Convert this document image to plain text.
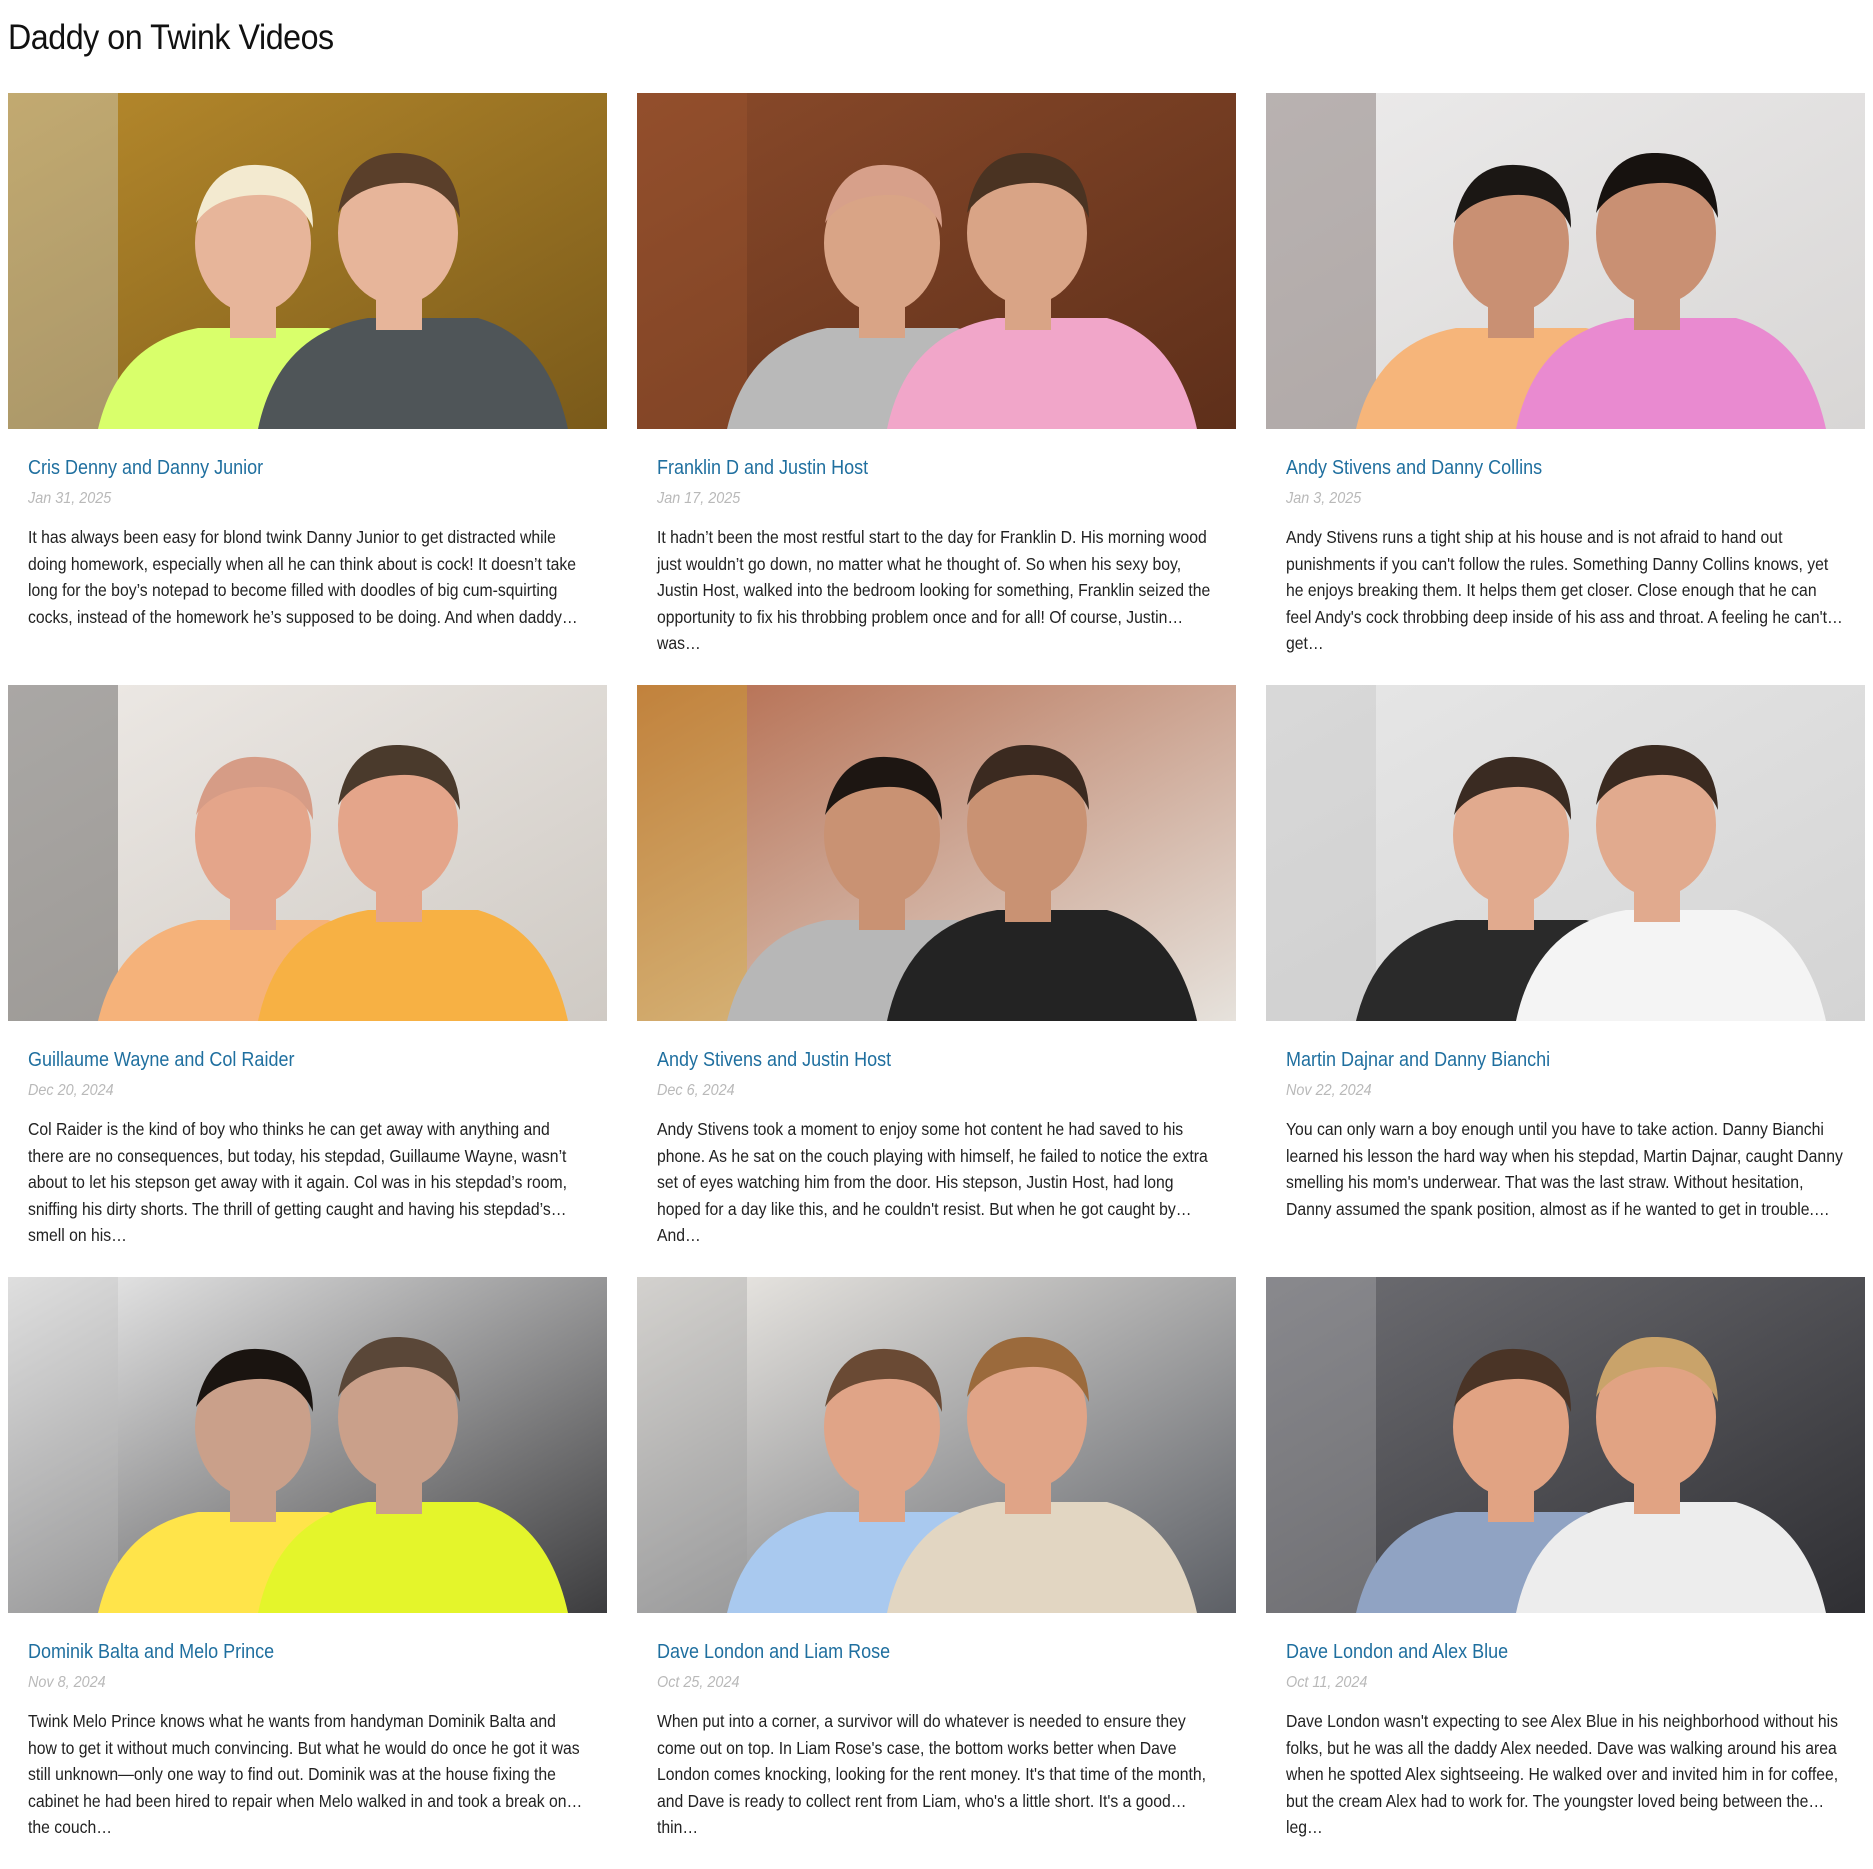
Daddy on Twink Videos
Cris Denny and Danny Junior
Jan 31, 2025
It has always been easy for blond twink Danny Junior to get distracted while doing homework, especially when all he can think about is cock! It doesn’t take long for the boy’s notepad to become filled with doodles of big cum-squirting cocks, instead of the homework he’s supposed to be doing. And when daddy…
Franklin D and Justin Host
Jan 17, 2025
It hadn’t been the most restful start to the day for Franklin D. His morning wood just wouldn’t go down, no matter what he thought of. So when his sexy boy, Justin Host, walked into the bedroom looking for something, Franklin seized the opportunity to fix his throbbing problem once and for all! Of course, Justin was…
Andy Stivens and Danny Collins
Jan 3, 2025
Andy Stivens runs a tight ship at his house and is not afraid to hand out punishments if you can't follow the rules. Something Danny Collins knows, yet he enjoys breaking them. It helps them get closer. Close enough that he can feel Andy's cock throbbing deep inside of his ass and throat. A feeling he can't get…
Guillaume Wayne and Col Raider
Dec 20, 2024
Col Raider is the kind of boy who thinks he can get away with anything and there are no consequences, but today, his stepdad, Guillaume Wayne, wasn’t about to let his stepson get away with it again. Col was in his stepdad’s room, sniffing his dirty shorts. The thrill of getting caught and having his stepdad’s smell on his…
Andy Stivens and Justin Host
Dec 6, 2024
Andy Stivens took a moment to enjoy some hot content he had saved to his phone. As he sat on the couch playing with himself, he failed to notice the extra set of eyes watching him from the door. His stepson, Justin Host, had long hoped for a day like this, and he couldn't resist. But when he got caught by And…
Martin Dajnar and Danny Bianchi
Nov 22, 2024
You can only warn a boy enough until you have to take action. Danny Bianchi learned his lesson the hard way when his stepdad, Martin Dajnar, caught Danny smelling his mom's underwear. That was the last straw. Without hesitation, Danny assumed the spank position, almost as if he wanted to get in trouble.…
Dominik Balta and Melo Prince
Nov 8, 2024
Twink Melo Prince knows what he wants from handyman Dominik Balta and how to get it without much convincing. But what he would do once he got it was still unknown—only one way to find out. Dominik was at the house fixing the cabinet he had been hired to repair when Melo walked in and took a break on the couch…
Dave London and Liam Rose
Oct 25, 2024
When put into a corner, a survivor will do whatever is needed to ensure they come out on top. In Liam Rose's case, the bottom works better when Dave London comes knocking, looking for the rent money. It's that time of the month, and Dave is ready to collect rent from Liam, who's a little short. It's a good thin…
Dave London and Alex Blue
Oct 11, 2024
Dave London wasn't expecting to see Alex Blue in his neighborhood without his folks, but he was all the daddy Alex needed. Dave was walking around his area when he spotted Alex sightseeing. He walked over and invited him in for coffee, but the cream Alex had to work for. The youngster loved being between the leg…
